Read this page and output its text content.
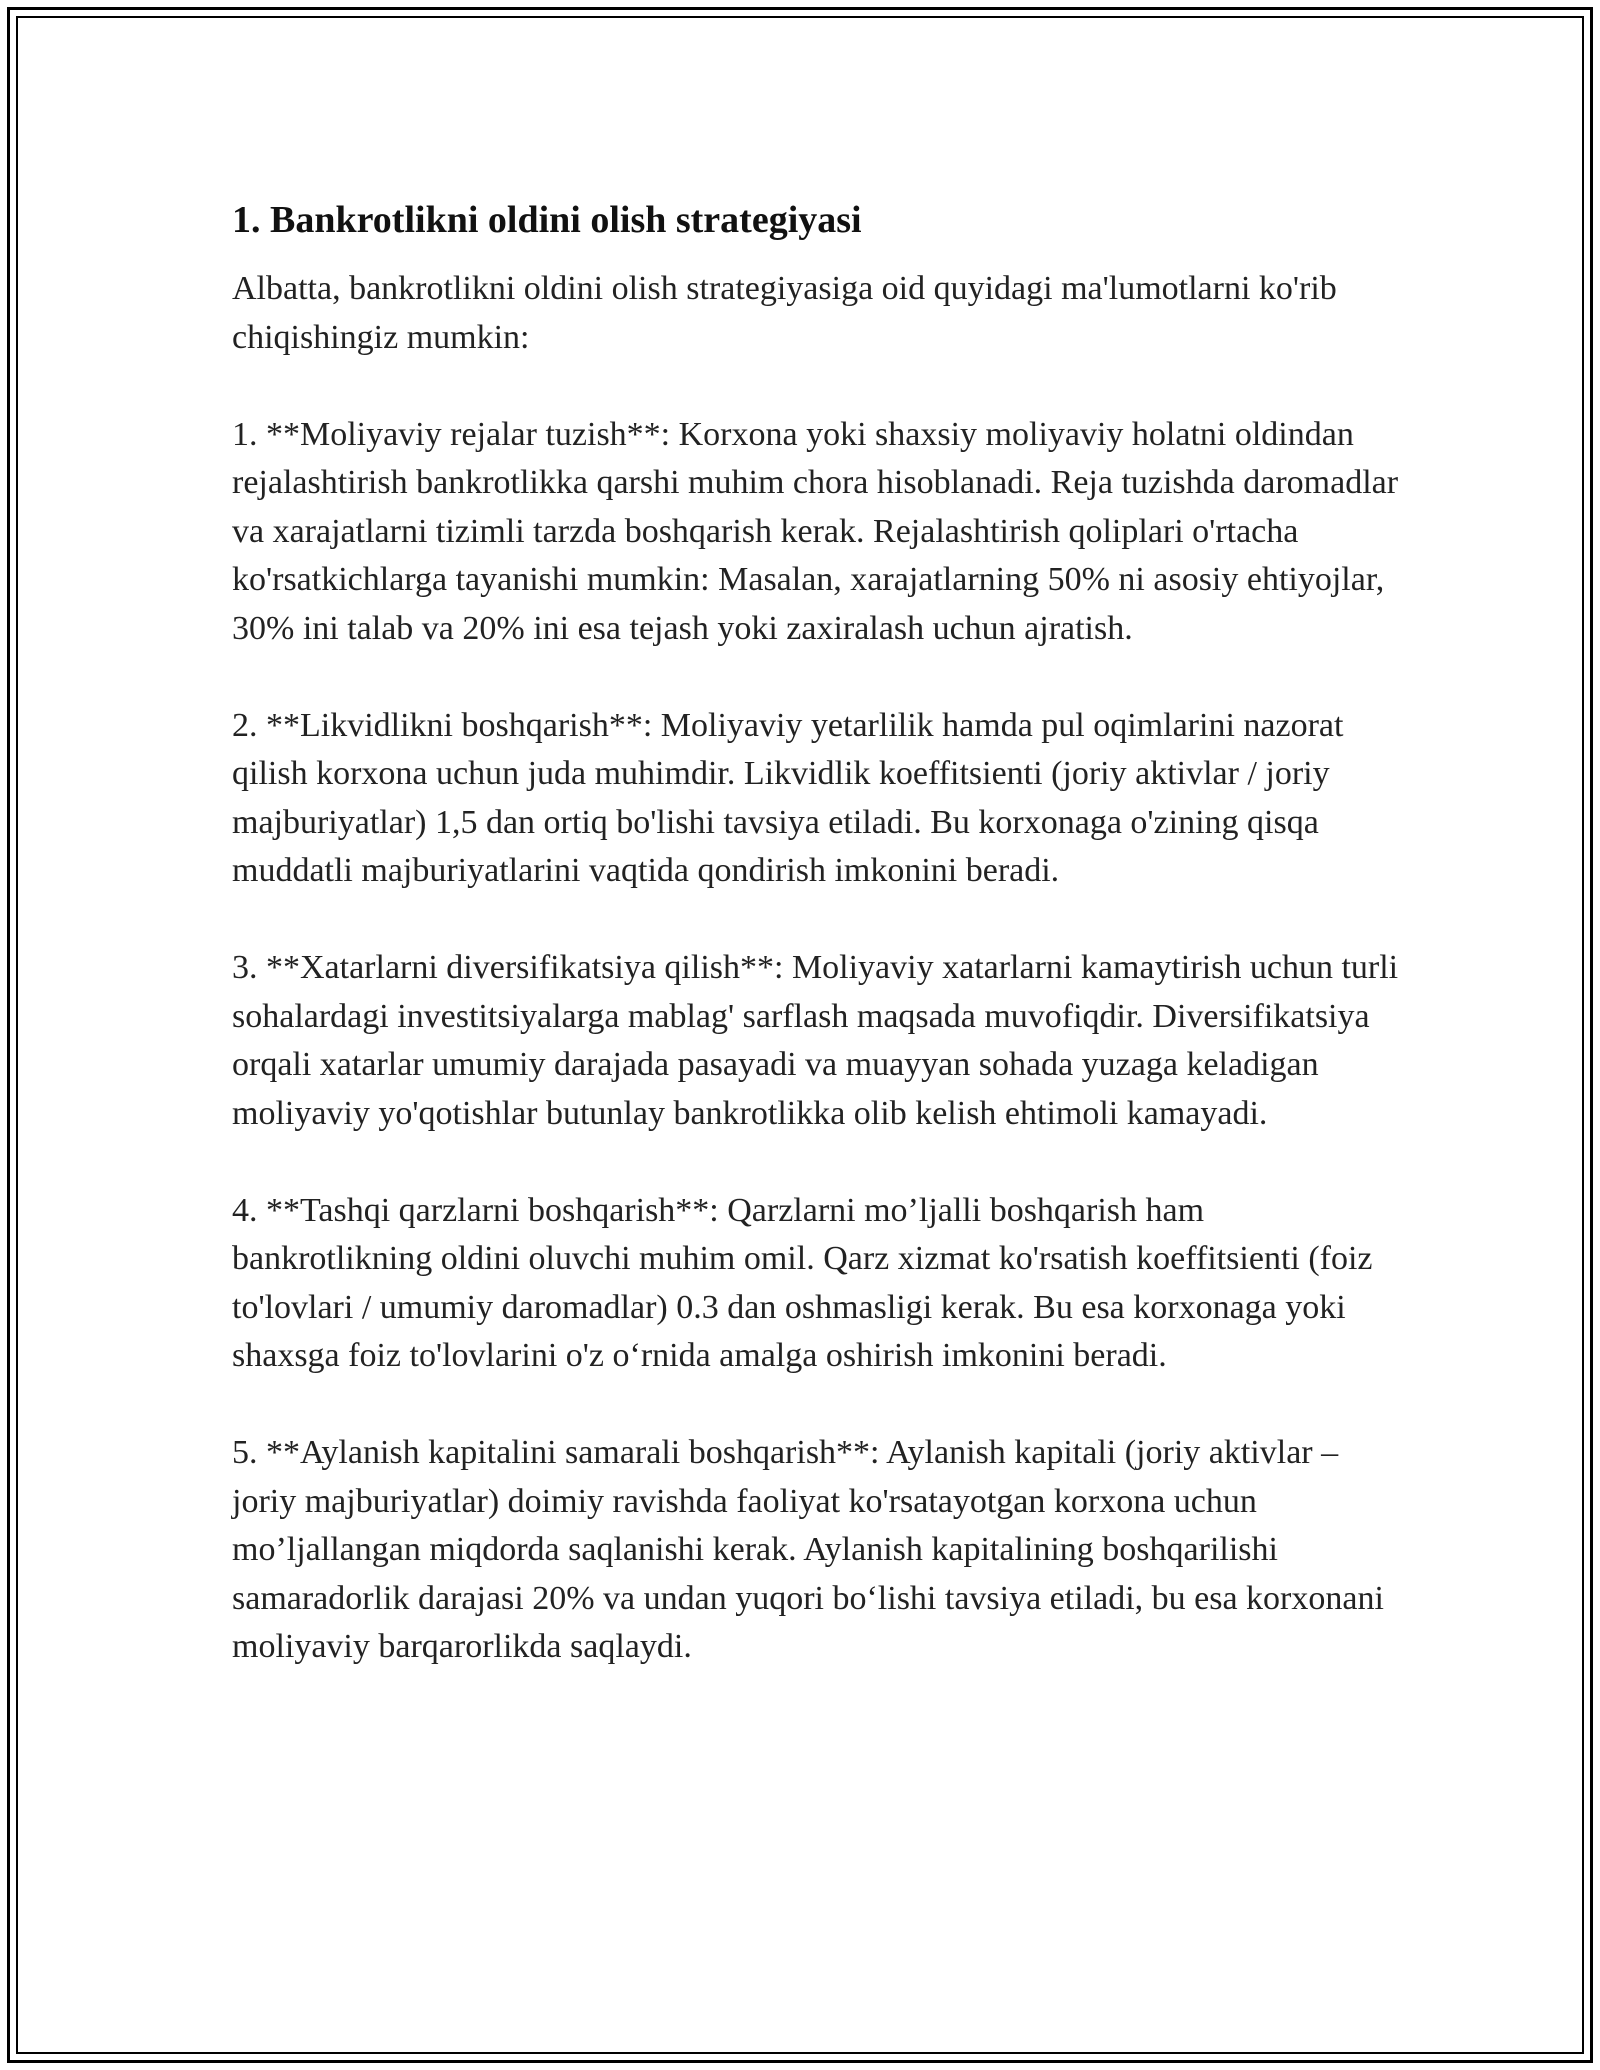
1. Bankrotlikni oldini olish strategiyasi

Albatta, bankrotlikni oldini olish strategiyasiga oid quyidagi ma'lumotlarni ko'rib chiqishingiz mumkin:

1. **Moliyaviy rejalar tuzish**: Korxona yoki shaxsiy moliyaviy holatni oldindan rejalashtirish bankrotlikka qarshi muhim chora hisoblanadi. Reja tuzishda daromadlar va xarajatlarni tizimli tarzda boshqarish kerak. Rejalashtirish qoliplari o'rtacha ko'rsatkichlarga tayanishi mumkin: Masalan, xarajatlarning 50% ni asosiy ehtiyojlar, 30% ini talab va 20% ini esa tejash yoki zaxiralash uchun ajratish.

2. **Likvidlikni boshqarish**: Moliyaviy yetarlilik hamda pul oqimlarini nazorat qilish korxona uchun juda muhimdir. Likvidlik koeffitsienti (joriy aktivlar / joriy majburiyatlar) 1,5 dan ortiq bo'lishi tavsiya etiladi. Bu korxonaga o'zining qisqa muddatli majburiyatlarini vaqtida qondirish imkonini beradi.

3. **Xatarlarni diversifikatsiya qilish**: Moliyaviy xatarlarni kamaytirish uchun turli sohalardagi investitsiyalarga mablag' sarflash maqsada muvofiqdir. Diversifikatsiya orqali xatarlar umumiy darajada pasayadi va muayyan sohada yuzaga keladigan moliyaviy yo'qotishlar butunlay bankrotlikka olib kelish ehtimoli kamayadi.

4. **Tashqi qarzlarni boshqarish**: Qarzlarni mo’ljalli boshqarish ham bankrotlikning oldini oluvchi muhim omil. Qarz xizmat ko'rsatish koeffitsienti (foiz to'lovlari / umumiy daromadlar) 0.3 dan oshmasligi kerak. Bu esa korxonaga yoki shaxsga foiz to'lovlarini o'z o‘rnida amalga oshirish imkonini beradi.

5. **Aylanish kapitalini samarali boshqarish**: Aylanish kapitali (joriy aktivlar – joriy majburiyatlar) doimiy ravishda faoliyat ko'rsatayotgan korxona uchun mo’ljallangan miqdorda saqlanishi kerak. Aylanish kapitalining boshqarilishi samaradorlik darajasi 20% va undan yuqori bo‘lishi tavsiya etiladi, bu esa korxonani moliyaviy barqarorlikda saqlaydi.
